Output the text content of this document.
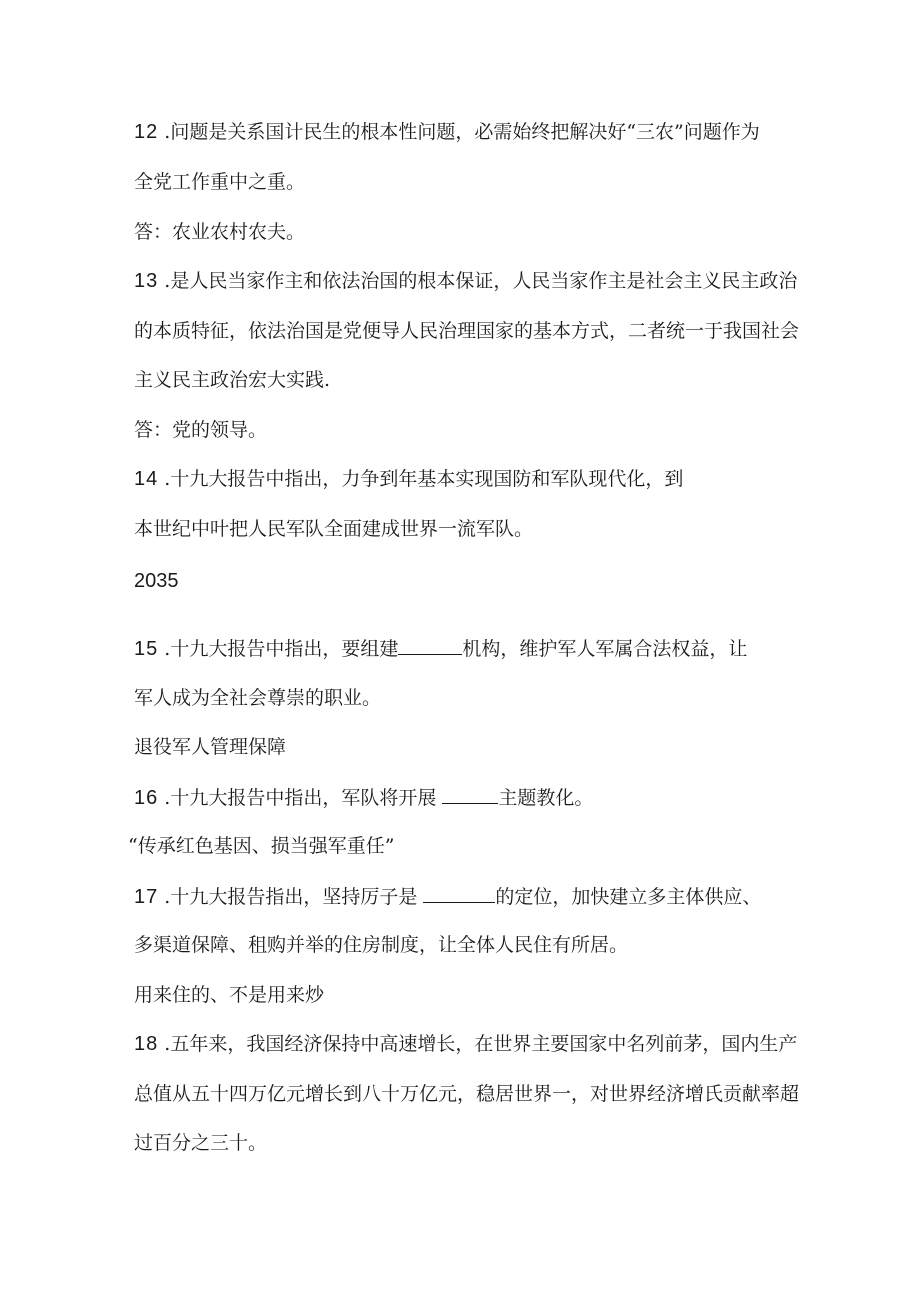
12 .问题是关系国计民生的根本性问题，必需始终把解决好“三农”问题作为
全党工作重中之重。
答：农业农村农夫。
13 .是人民当家作主和依法治国的根本保证，人民当家作主是社会主义民主政治
的本质特征，依法治国是党便导人民治理国家的基本方式，二者统一于我国社会
主义民主政治宏大实践.
答：党的领导。
14 .十九大报告中指出，力争到年基本实现国防和军队现代化，到
本世纪中叶把人民军队全面建成世界一流军队。
2035
15 .十九大报告中指出，要组建	机构，维护军人军属合法权益，让
军人成为全社会尊崇的职业。
退役军人管理保障
16 .十九大报告中指出，军队将开展	主题教化。
“传承红色基因、损当强军重任”
17 .十九大报告指出，坚持厉子是	的定位，加快建立多主体供应、
多渠道保障、租购并举的住房制度，让全体人民住有所居。
用来住的、不是用来炒
18 .五年来，我国经济保持中高速增长，在世界主要国家中名列前茅，国内生产
总值从五十四万亿元增长到八十万亿元，稳居世界一，对世界经济增氏贡献率超
过百分之三十。
